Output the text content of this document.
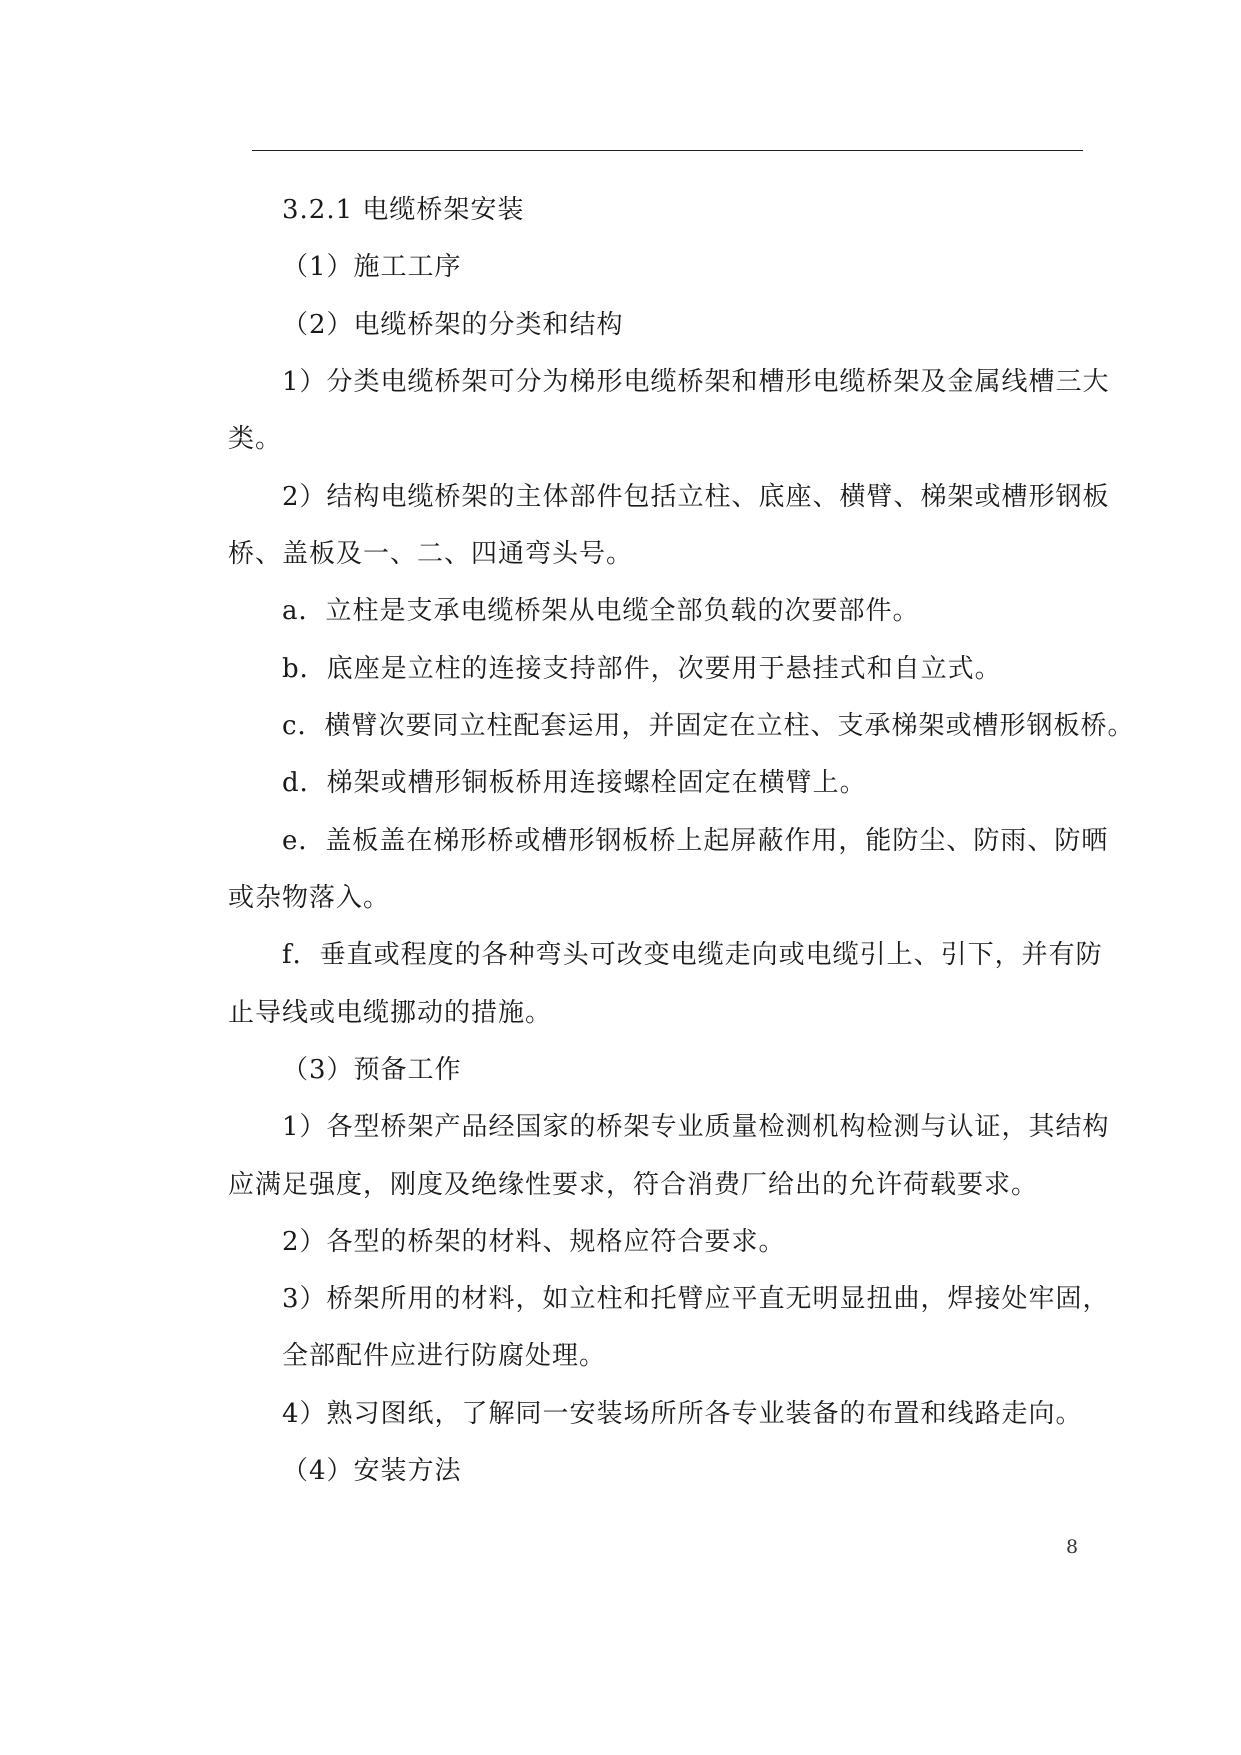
3.2.1 电缆桥架安装
（1）施工工序
（2）电缆桥架的分类和结构
1）分类电缆桥架可分为梯形电缆桥架和槽形电缆桥架及金属线槽三大
类。
2）结构电缆桥架的主体部件包括立柱、底座、横臂、梯架或槽形钢板
桥、盖板及一、二、四通弯头号。
a．立柱是支承电缆桥架从电缆全部负载的次要部件。
b．底座是立柱的连接支持部件，次要用于悬挂式和自立式。
c．横臂次要同立柱配套运用，并固定在立柱、支承梯架或槽形钢板桥。
d．梯架或槽形铜板桥用连接螺栓固定在横臂上。
e．盖板盖在梯形桥或槽形钢板桥上起屏蔽作用，能防尘、防雨、防晒
或杂物落入。
f．垂直或程度的各种弯头可改变电缆走向或电缆引上、引下，并有防
止导线或电缆挪动的措施。
（3）预备工作
1）各型桥架产品经国家的桥架专业质量检测机构检测与认证，其结构
应满足强度，刚度及绝缘性要求，符合消费厂给出的允许荷载要求。
2）各型的桥架的材料、规格应符合要求。
3）桥架所用的材料，如立柱和托臂应平直无明显扭曲，焊接处牢固，
全部配件应进行防腐处理。
4）熟习图纸，了解同一安装场所所各专业装备的布置和线路走向。
（4）安装方法
8
